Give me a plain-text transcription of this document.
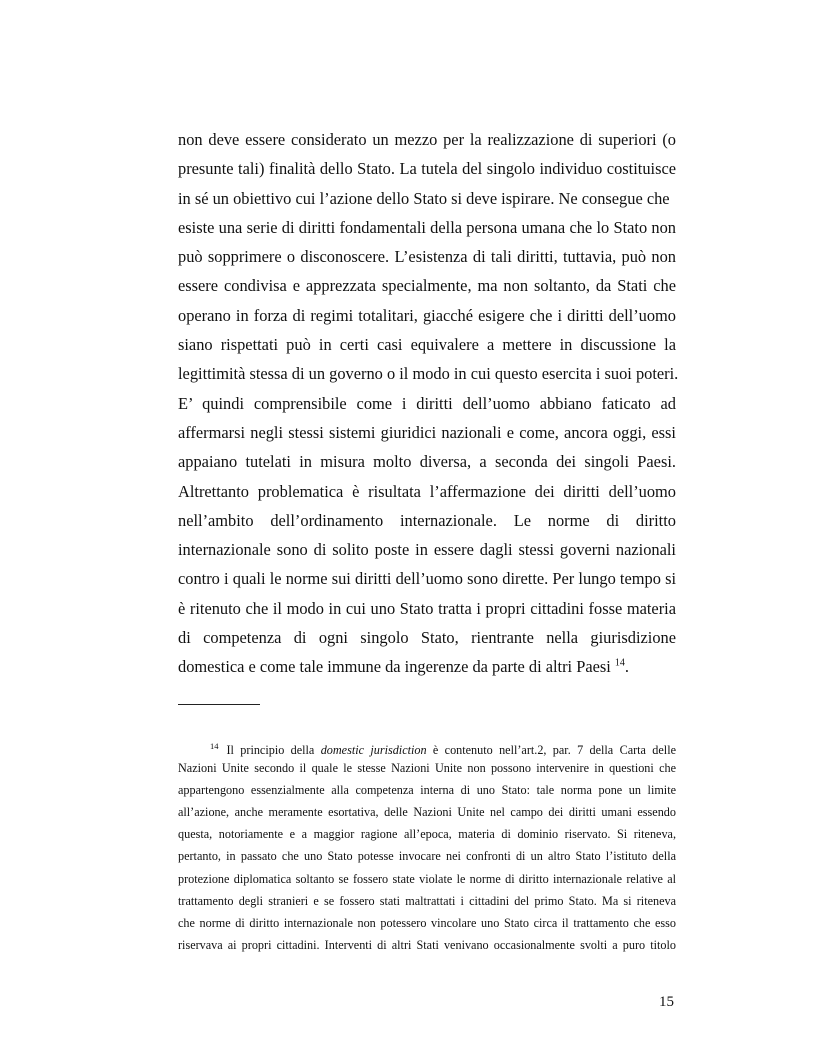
non deve essere considerato un mezzo per la realizzazione di superiori (o
presunte tali) finalità dello Stato. La tutela del singolo individuo costituisce
in sé un obiettivo cui l’azione dello Stato si deve ispirare. Ne consegue che
esiste una serie di diritti fondamentali della persona umana che lo Stato non
può sopprimere o disconoscere. L’esistenza di tali diritti, tuttavia, può non
essere condivisa e apprezzata specialmente, ma non soltanto, da Stati che
operano in forza di regimi totalitari, giacché esigere che i diritti dell’uomo
siano rispettati può in certi casi equivalere a mettere in discussione la
legittimità stessa di un governo o il modo in cui questo esercita i suoi poteri.
E’ quindi comprensibile come i diritti dell’uomo abbiano faticato ad
affermarsi negli stessi sistemi giuridici nazionali e come, ancora oggi, essi
appaiano tutelati in misura molto diversa, a seconda dei singoli Paesi.
Altrettanto problematica è risultata l’affermazione dei diritti dell’uomo
nell’ambito dell’ordinamento internazionale. Le norme di diritto
internazionale sono di solito poste in essere dagli stessi governi nazionali
contro i quali le norme sui diritti dell’uomo sono dirette. Per lungo tempo si
è ritenuto che il modo in cui uno Stato tratta i propri cittadini fosse materia
di competenza di ogni singolo Stato, rientrante nella giurisdizione
domestica e come tale immune da ingerenze da parte di altri Paesi $^{14}$.
$^{14}$ Il principio della domestic jurisdiction è contenuto nell’art.2, par. 7 della Carta delle
Nazioni Unite secondo il quale le stesse Nazioni Unite non possono intervenire in questioni che
appartengono essenzialmente alla competenza interna di uno Stato: tale norma pone un limite
all’azione, anche meramente esortativa, delle Nazioni Unite nel campo dei diritti umani essendo
questa, notoriamente e a maggior ragione all’epoca, materia di dominio riservato. Si riteneva,
pertanto, in passato che uno Stato potesse invocare nei confronti di un altro Stato l’istituto della
protezione diplomatica soltanto se fossero state violate le norme di diritto internazionale relative al
trattamento degli stranieri e se fossero stati maltrattati i cittadini del primo Stato. Ma si riteneva
che norme di diritto internazionale non potessero vincolare uno Stato circa il trattamento che esso
riservava ai propri cittadini. Interventi di altri Stati venivano occasionalmente svolti a puro titolo
15
